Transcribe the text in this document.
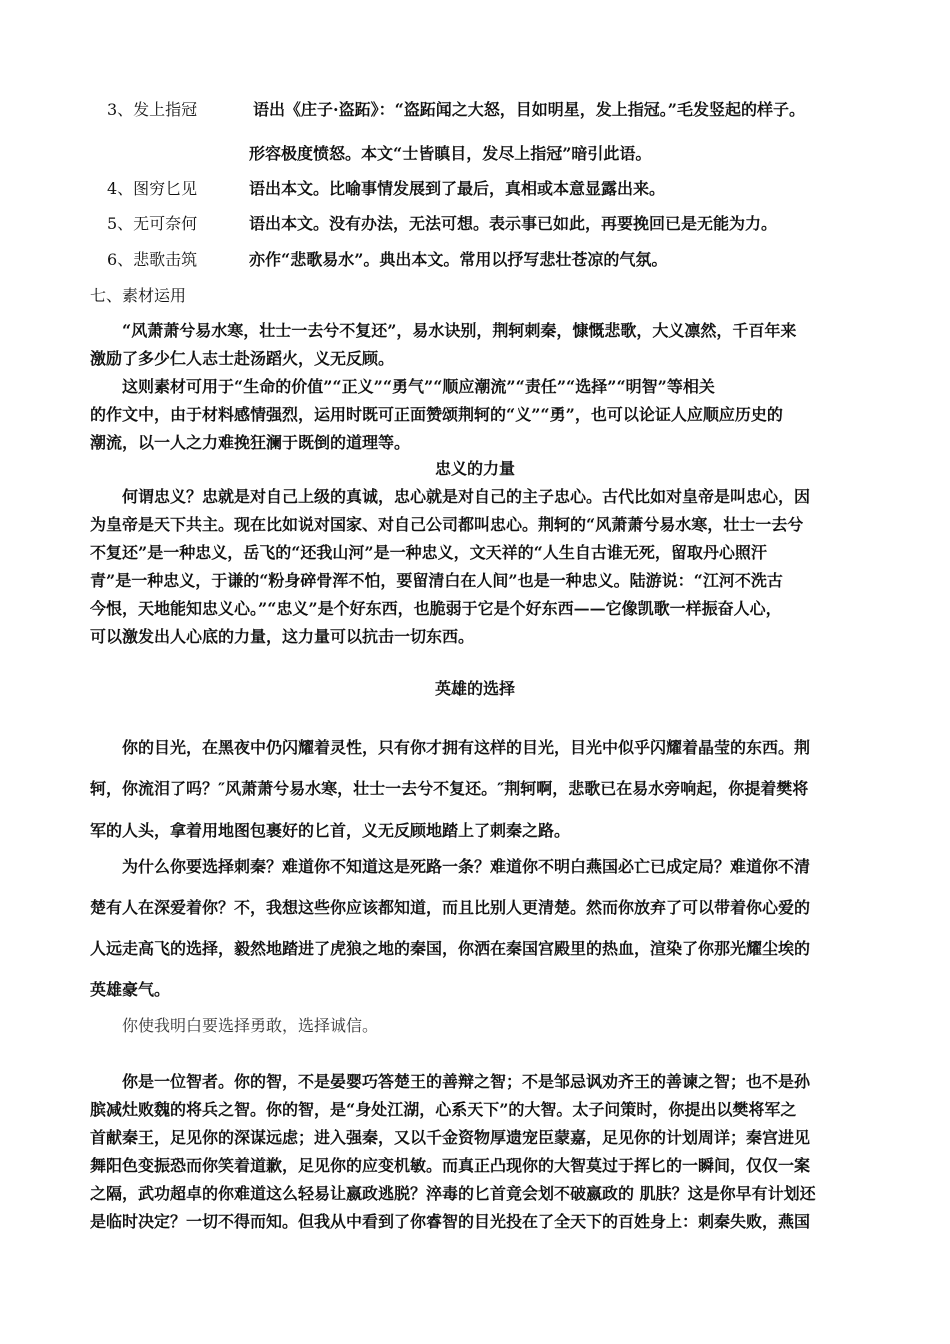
3、发上指冠	语出《庄子·盗跖》：“盗跖闻之大怒，目如明星，发上指冠。”毛发竖起的样子。
形容极度愤怒。本文“士皆瞋目，发尽上指冠”暗引此语。
4、图穷匕见	语出本文。比喻事情发展到了最后，真相或本意显露出来。
5、无可奈何	语出本文。没有办法，无法可想。表示事已如此，再要挽回已是无能为力。
6、悲歌击筑	亦作“悲歌易水”。典出本文。常用以抒写悲壮苍凉的气氛。
七、素材运用
“风萧萧兮易水寒，壮士一去兮不复还”，易水诀别，荆轲刺秦，慷慨悲歌，大义凛然，千百年来
激励了多少仁人志士赴汤蹈火，义无反顾。
这则素材可用于“生命的价值”“正义”“勇气”“顺应潮流”“责任”“选择”“明智”等相关
的作文中，由于材料感情强烈，运用时既可正面赞颂荆轲的“义”“勇”，也可以论证人应顺应历史的
潮流，以一人之力难挽狂澜于既倒的道理等。
忠义的力量
何谓忠义？忠就是对自己上级的真诚，忠心就是对自己的主子忠心。古代比如对皇帝是叫忠心，因
为皇帝是天下共主。现在比如说对国家、对自己公司都叫忠心。荆轲的“风萧萧兮易水寒，壮士一去兮
不复还”是一种忠义，岳飞的“还我山河”是一种忠义，文天祥的“人生自古谁无死，留取丹心照汗
青”是一种忠义，于谦的“粉身碎骨浑不怕，要留清白在人间”也是一种忠义。陆游说：“江河不洗古
今恨，天地能知忠义心。”“忠义”是个好东西，也脆弱于它是个好东西——它像凯歌一样振奋人心，
可以激发出人心底的力量，这力量可以抗击一切东西。
英雄的选择
你的目光，在黑夜中仍闪耀着灵性，只有你才拥有这样的目光，目光中似乎闪耀着晶莹的东西。荆
轲，你流泪了吗？″风萧萧兮易水寒，壮士一去兮不复还。″荆轲啊，悲歌已在易水旁响起，你提着樊将
军的人头，拿着用地图包裹好的匕首，义无反顾地踏上了刺秦之路。
为什么你要选择刺秦？难道你不知道这是死路一条？难道你不明白燕国必亡已成定局？难道你不清
楚有人在深爱着你？不，我想这些你应该都知道，而且比别人更清楚。然而你放弃了可以带着你心爱的
人远走高飞的选择，毅然地踏进了虎狼之地的秦国，你洒在秦国宫殿里的热血，渲染了你那光耀尘埃的
英雄豪气。
你使我明白要选择勇敢，选择诚信。
你是一位智者。你的智，不是晏婴巧答楚王的善辩之智；不是邹忌讽劝齐王的善谏之智；也不是孙
膑减灶败魏的将兵之智。你的智，是“身处江湖，心系天下”的大智。太子问策时，你提出以樊将军之
首献秦王，足见你的深谋远虑；进入强秦，又以千金资物厚遗宠臣蒙嘉，足见你的计划周详；秦宫进见
舞阳色变振恐而你笑着道歉，足见你的应变机敏。而真正凸现你的大智莫过于挥匕的一瞬间，仅仅一案
之隔，武功超卓的你难道这么轻易让嬴政逃脱？淬毒的匕首竟会划不破嬴政的 肌肤？这是你早有计划还
是临时决定？一切不得而知。但我从中看到了你睿智的目光投在了全天下的百姓身上：刺秦失败，燕国
